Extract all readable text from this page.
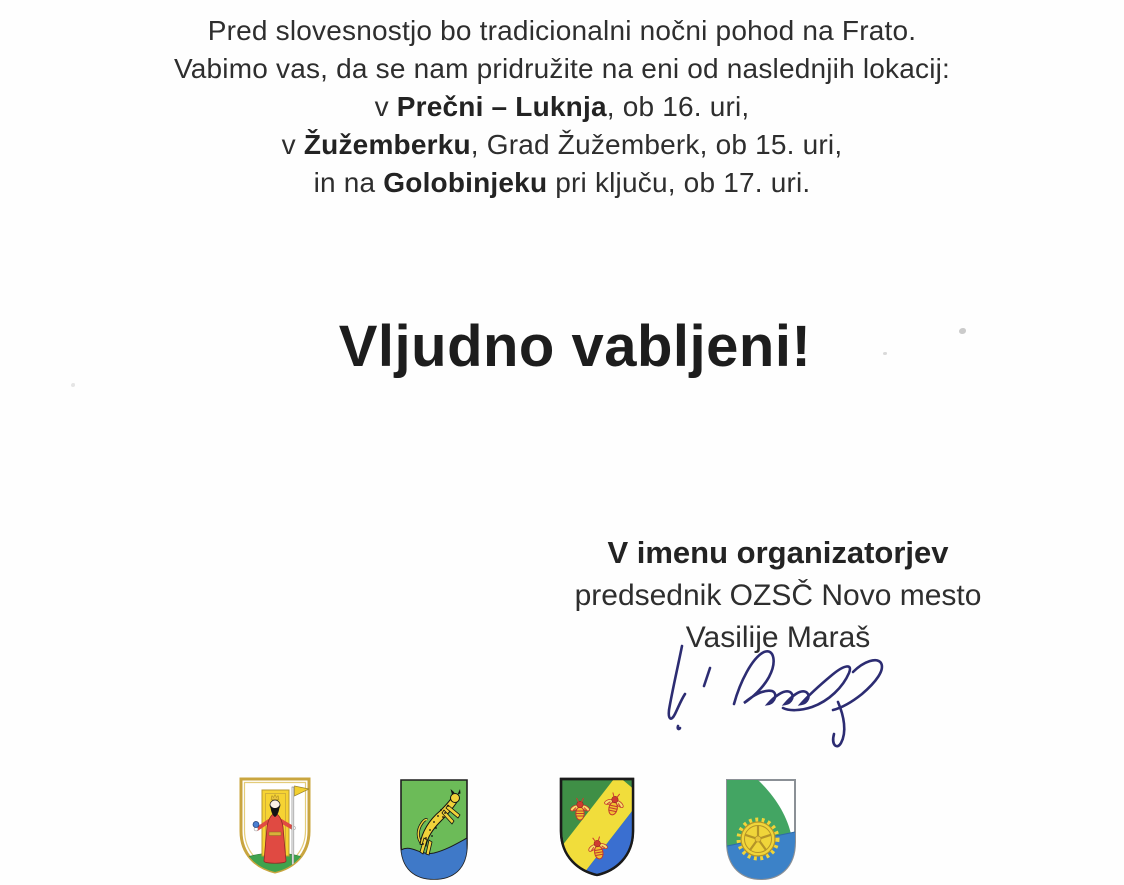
Pred slovesnostjo bo tradicionalni nočni pohod na Frato.
Vabimo vas, da se nam pridružite na eni od naslednjih lokacij:
v Prečni – Luknja, ob 16. uri,
v Žužemberku, Grad Žužemberk, ob 15. uri,
in na Golobinjeku pri ključu, ob 17. uri.
Vljudno vabljeni!
V imenu organizatorjev
predsednik OZSČ Novo mesto
Vasilije Maraš
